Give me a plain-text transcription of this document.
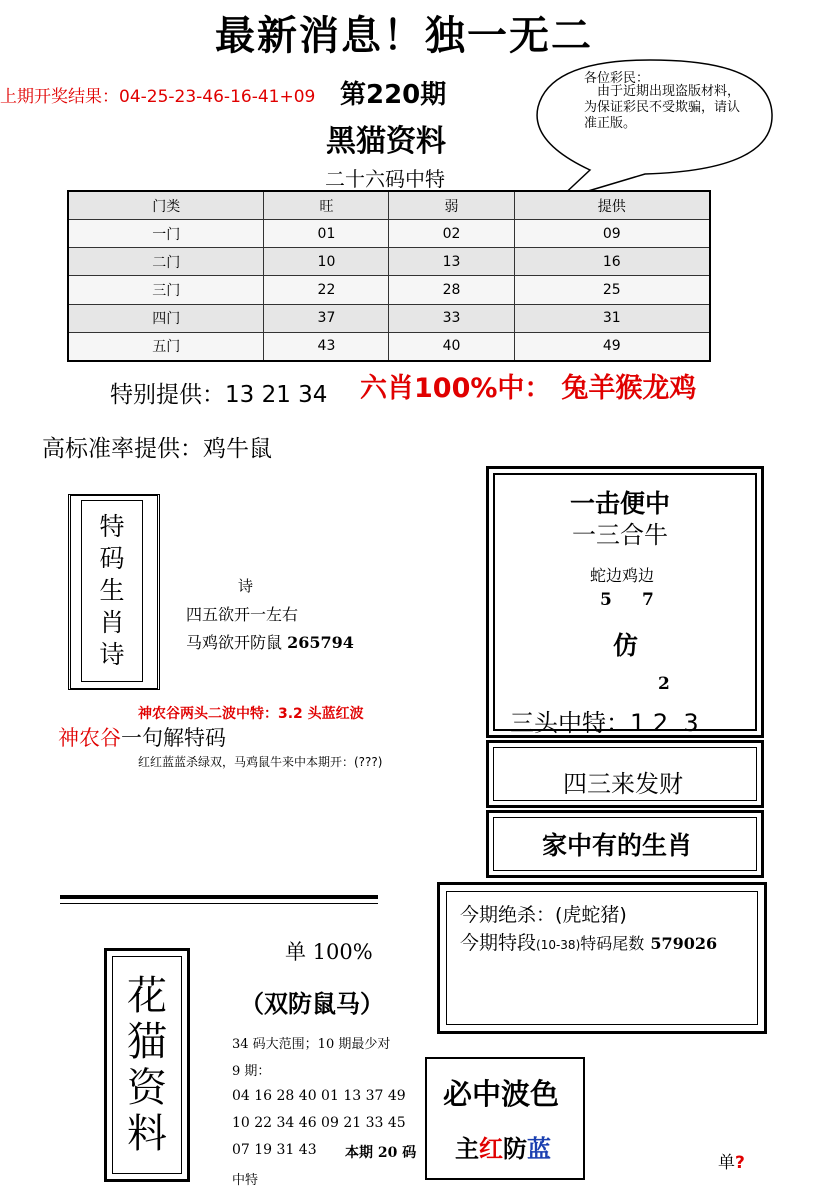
最新消息！独一无二
上期开奖结果：04-25-23-46-16-41+09 第220期
黑猫资料
二十六码中特
各位彩民：
由于近期出现盗版材料，为保证彩民不受欺骗，请认准正版。
门类	旺	弱	提供
一门	01	02	09
二门	10	13	16
三门	22	28	25
四门	37	33	31
五门	43	40	49
特别提供：13 21 34 六肖100%中： 兔羊猴龙鸡
高标准率提供：鸡牛鼠
特
码
生
肖
诗
诗
四五欲开一左右
马鸡欲开防鼠 265794
神农谷两头二波中特：3.2 头蓝红波
神农谷一句解特码
红红蓝蓝杀绿双，马鸡鼠牛来中本期开：(???)
一击便中
一三合牛
蛇边鸡边
5 7
仿
2
三头中特：1 2  3
四三来发财
家中有的生肖
今期绝杀：(虎蛇猪)
今期特段(10-38)特码尾数 579026
花
猫
资
料
单 100%
（双防鼠马）
34 码大范围；10 期最少对
9 期：
04 16 28 40 01 13 37 49
10 22 34 46 09 21 33 45
07 19 31 43 本期 20 码
中特
必中波色
主红防蓝	单?
